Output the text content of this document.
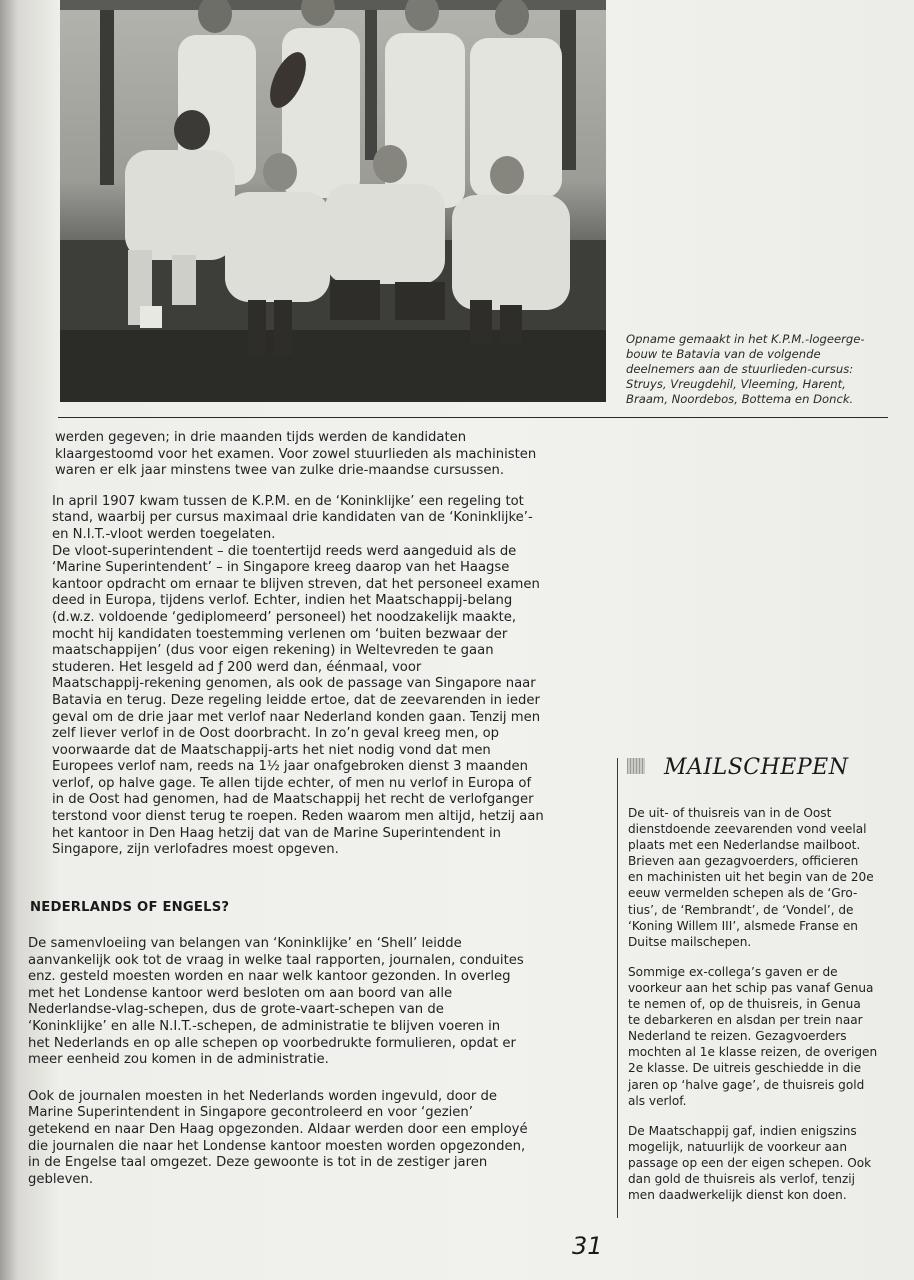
Opname gemaakt in het K.P.M.-logeerge-
bouw te Batavia van de volgende
deelnemers aan de stuurlieden-cursus:
Struys, Vreugdehil, Vleeming, Harent,
Braam, Noordebos, Bottema en Donck.
werden gegeven; in drie maanden tijds werden de kandidaten
klaargestoomd voor het examen. Voor zowel stuurlieden als machinisten
waren er elk jaar minstens twee van zulke drie-maandse cursussen.
In april 1907 kwam tussen de K.P.M. en de ‘Koninklijke’ een regeling tot
stand, waarbij per cursus maximaal drie kandidaten van de ‘Koninklijke’-
en N.I.T.-vloot werden toegelaten.
De vloot-superintendent – die toentertijd reeds werd aangeduid als de
‘Marine Superintendent’ – in Singapore kreeg daarop van het Haagse
kantoor opdracht om ernaar te blijven streven, dat het personeel examen
deed in Europa, tijdens verlof. Echter, indien het Maatschappij-belang
(d.w.z. voldoende ‘gediplomeerd’ personeel) het noodzakelijk maakte,
mocht hij kandidaten toestemming verlenen om ‘buiten bezwaar der
maatschappijen’ (dus voor eigen rekening) in Weltevreden te gaan
studeren. Het lesgeld ad ƒ 200 werd dan, éénmaal, voor
Maatschappij-rekening genomen, als ook de passage van Singapore naar
Batavia en terug. Deze regeling leidde ertoe, dat de zeevarenden in ieder
geval om de drie jaar met verlof naar Nederland konden gaan. Tenzij men
zelf liever verlof in de Oost doorbracht. In zo’n geval kreeg men, op
voorwaarde dat de Maatschappij-arts het niet nodig vond dat men
Europees verlof nam, reeds na 1½ jaar onafgebroken dienst 3 maanden
verlof, op halve gage. Te allen tijde echter, of men nu verlof in Europa of
in de Oost had genomen, had de Maatschappij het recht de verlofganger
terstond voor dienst terug te roepen. Reden waarom men altijd, hetzij aan
het kantoor in Den Haag hetzij dat van de Marine Superintendent in
Singapore, zijn verlofadres moest opgeven.
NEDERLANDS OF ENGELS?
De samenvloeiing van belangen van ‘Koninklijke’ en ‘Shell’ leidde
aanvankelijk ook tot de vraag in welke taal rapporten, journalen, conduites
enz. gesteld moesten worden en naar welk kantoor gezonden. In overleg
met het Londense kantoor werd besloten om aan boord van alle
Nederlandse-vlag-schepen, dus de grote-vaart-schepen van de
‘Koninklijke’ en alle N.I.T.-schepen, de administratie te blijven voeren in
het Nederlands en op alle schepen op voorbedrukte formulieren, opdat er
meer eenheid zou komen in de administratie.
Ook de journalen moesten in het Nederlands worden ingevuld, door de
Marine Superintendent in Singapore gecontroleerd en voor ‘gezien’
getekend en naar Den Haag opgezonden. Aldaar werden door een employé
die journalen die naar het Londense kantoor moesten worden opgezonden,
in de Engelse taal omgezet. Deze gewoonte is tot in de zestiger jaren
gebleven.
MAILSCHEPEN
De uit- of thuisreis van in de Oost
dienstdoende zeevarenden vond veelal
plaats met een Nederlandse mailboot.
Brieven aan gezagvoerders, officieren
en machinisten uit het begin van de 20e
eeuw vermelden schepen als de ‘Gro-
tius’, de ‘Rembrandt’, de ‘Vondel’, de
‘Koning Willem III’, alsmede Franse en
Duitse mailschepen.
Sommige ex-collega’s gaven er de
voorkeur aan het schip pas vanaf Genua
te nemen of, op de thuisreis, in Genua
te debarkeren en alsdan per trein naar
Nederland te reizen. Gezagvoerders
mochten al 1e klasse reizen, de overigen
2e klasse. De uitreis geschiedde in die
jaren op ‘halve gage’, de thuisreis gold
als verlof.
De Maatschappij gaf, indien enigszins
mogelijk, natuurlijk de voorkeur aan
passage op een der eigen schepen. Ook
dan gold de thuisreis als verlof, tenzij
men daadwerkelijk dienst kon doen.
31
